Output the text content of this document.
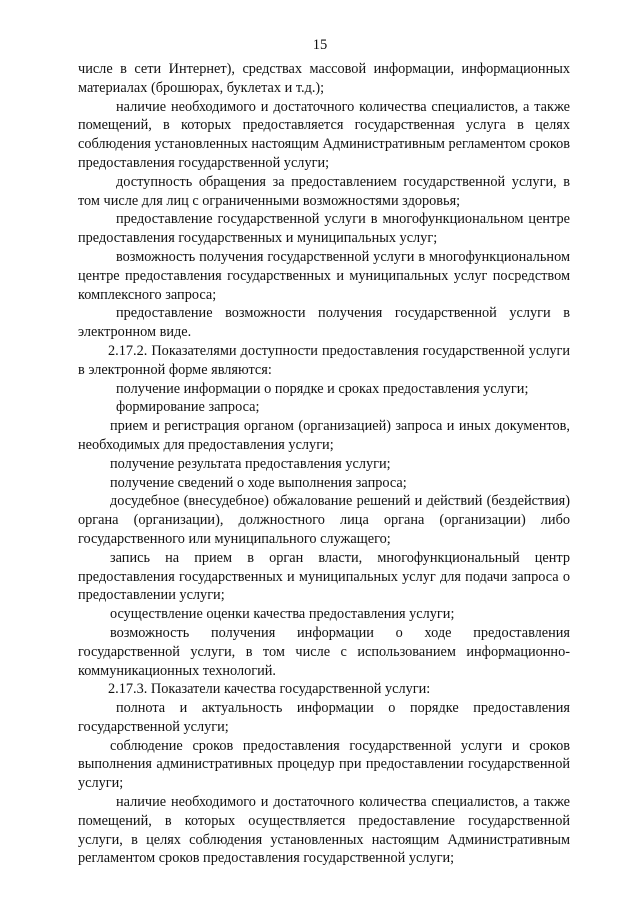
15

числе в сети Интернет), средствах массовой информации, информационных материалах (брошюрах, буклетах и т.д.);

наличие необходимого и достаточного количества специалистов, а также помещений, в которых предоставляется государственная услуга в целях соблюдения установленных настоящим Административным регламентом сроков предоставления государственной услуги;

доступность обращения за предоставлением государственной услуги, в том числе для лиц с ограниченными возможностями здоровья;

предоставление государственной услуги в многофункциональном центре предоставления государственных и муниципальных услуг;

возможность получения государственной услуги в многофункциональном центре предоставления государственных и муниципальных услуг посредством комплексного запроса;

предоставление возможности получения государственной услуги в электронном виде.

2.17.2. Показателями доступности предоставления государственной услуги в электронной форме являются:

получение информации о порядке и сроках предоставления услуги;

формирование запроса;

прием и регистрация органом (организацией) запроса и иных документов, необходимых для предоставления услуги;

получение результата предоставления услуги;

получение сведений о ходе выполнения запроса;

досудебное (внесудебное) обжалование решений и действий (бездействия) органа (организации), должностного лица органа (организации) либо государственного или муниципального служащего;

запись на прием в орган власти, многофункциональный центр предоставления государственных и муниципальных услуг для подачи запроса о предоставлении услуги;

осуществление оценки качества предоставления услуги;

возможность получения информации о ходе предоставления государственной услуги, в том числе с использованием информационно-коммуникационных технологий.

2.17.3. Показатели качества государственной услуги:

полнота и актуальность информации о порядке предоставления государственной услуги;

соблюдение сроков предоставления государственной услуги и сроков выполнения административных процедур при предоставлении государственной услуги;

наличие необходимого и достаточного количества специалистов, а также помещений, в которых осуществляется предоставление государственной услуги, в целях соблюдения установленных настоящим Административным регламентом сроков предоставления государственной услуги;
